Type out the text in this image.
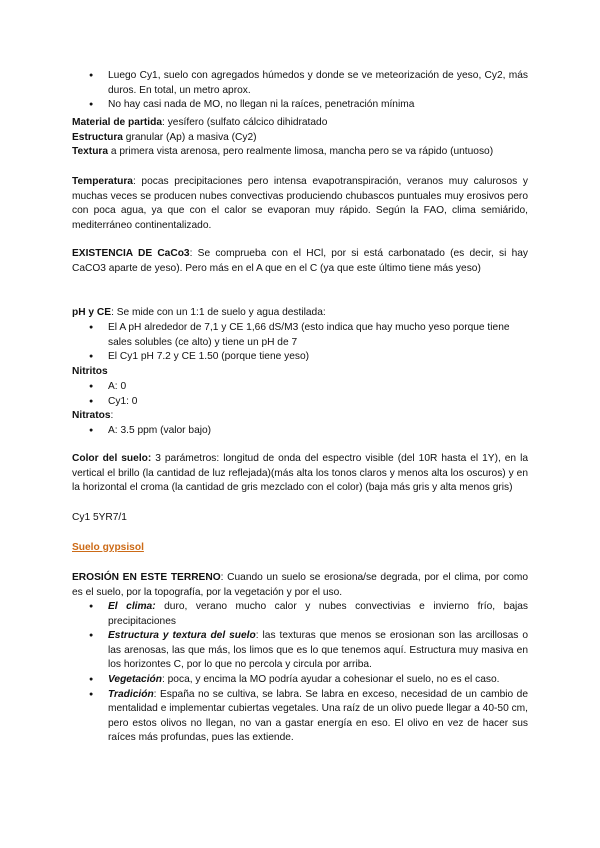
● Luego Cy1, suelo con agregados húmedos y donde se ve meteorización de yeso, Cy2, más duros. En total, un metro aprox.
● No hay casi nada de MO, no llegan ni la raíces, penetración mínima

Material de partida: yesífero (sulfato cálcico dihidratado

Estructura granular (Ap) a masiva (Cy2)

Textura a primera vista arenosa, pero realmente limosa, mancha pero se va rápido (untuoso)

Temperatura: pocas precipitaciones pero intensa evapotranspiración, veranos muy calurosos y muchas veces se producen nubes convectivas produciendo chubascos puntuales muy erosivos pero con poca agua, ya que con el calor se evaporan muy rápido. Según la FAO, clima semiárido, mediterráneo continentalizado.

EXISTENCIA DE CaCo3: Se comprueba con el HCl, por si está carbonatado (es decir, si hay CaCO3 aparte de yeso). Pero más en el A que en el C (ya que este último tiene más yeso)

pH y CE: Se mide con un 1:1 de suelo y agua destilada:

● El A pH alrededor de 7,1 y CE 1,66 dS/M3 (esto indica que hay mucho yeso porque tiene sales solubles (ce alto) y tiene un pH de 7
● El Cy1 pH 7.2 y CE 1.50 (porque tiene yeso)

Nitritos

● A: 0
● Cy1: 0

Nitratos:

● A: 3.5 ppm (valor bajo)

Color del suelo: 3 parámetros: longitud de onda del espectro visible (del 10R hasta el 1Y), en la vertical el brillo (la cantidad de luz reflejada)(más alta los tonos claros y menos alta los oscuros) y en la horizontal el croma (la cantidad de gris mezclado con el color) (baja más gris y alta menos gris)

Cy1 5YR7/1

Suelo gypsisol

EROSIÓN EN ESTE TERRENO: Cuando un suelo se erosiona/se degrada, por el clima, por como es el suelo, por la topografía, por la vegetación y por el uso.

● El clima: duro, verano mucho calor y nubes convectivias e invierno frío, bajas precipitaciones
● Estructura y textura del suelo: las texturas que menos se erosionan son las arcillosas o las arenosas, las que más, los limos que es lo que tenemos aquí. Estructura muy masiva en los horizontes C, por lo que no percola y circula por arriba.
● Vegetación: poca, y encima la MO podría ayudar a cohesionar el suelo, no es el caso.
● Tradición: España no se cultiva, se labra. Se labra en exceso, necesidad de un cambio de mentalidad e implementar cubiertas vegetales. Una raíz de un olivo puede llegar a 40-50 cm, pero estos olivos no llegan, no van a gastar energía en eso. El olivo en vez de hacer sus raíces más profundas, pues las extiende.
